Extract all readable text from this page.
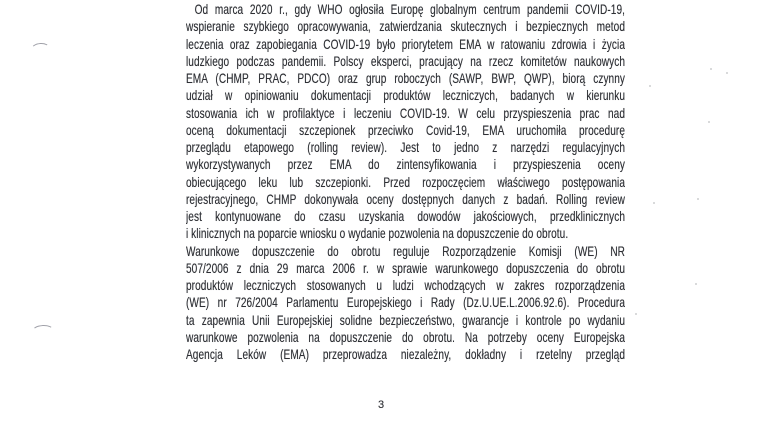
Od marca 2020 r., gdy WHO ogłosiła Europę globalnym centrum pandemii COVID-19,
wspieranie szybkiego opracowywania, zatwierdzania skutecznych i bezpiecznych metod
leczenia oraz zapobiegania COVID-19 było priorytetem EMA w ratowaniu zdrowia i życia
ludzkiego podczas pandemii. Polscy eksperci, pracujący na rzecz komitetów naukowych
EMA (CHMP, PRAC, PDCO) oraz grup roboczych (SAWP, BWP, QWP), biorą czynny
udział w opiniowaniu dokumentacji produktów leczniczych, badanych w kierunku
stosowania ich w profilaktyce i leczeniu COVID-19. W celu przyspieszenia prac nad
oceną dokumentacji szczepionek przeciwko Covid-19, EMA uruchomiła procedurę
przeglądu etapowego (rolling review). Jest to jedno z narzędzi regulacyjnych
wykorzystywanych przez EMA do zintensyfikowania i przyspieszenia oceny
obiecującego leku lub szczepionki. Przed rozpoczęciem właściwego postępowania
rejestracyjnego, CHMP dokonywała oceny dostępnych danych z badań. Rolling review
jest kontynuowane do czasu uzyskania dowodów jakościowych, przedklinicznych
i klinicznych na poparcie wniosku o wydanie pozwolenia na dopuszczenie do obrotu.
Warunkowe dopuszczenie do obrotu reguluje Rozporządzenie Komisji (WE) NR
507/2006 z dnia 29 marca 2006 r. w sprawie warunkowego dopuszczenia do obrotu
produktów leczniczych stosowanych u ludzi wchodzących w zakres rozporządzenia
(WE) nr 726/2004 Parlamentu Europejskiego i Rady (Dz.U.UE.L.2006.92.6). Procedura
ta zapewnia Unii Europejskiej solidne bezpieczeństwo, gwarancje i kontrole po wydaniu
warunkowe pozwolenia na dopuszczenie do obrotu. Na potrzeby oceny Europejska
Agencja Leków (EMA) przeprowadza niezależny, dokładny i rzetelny przegląd
3
